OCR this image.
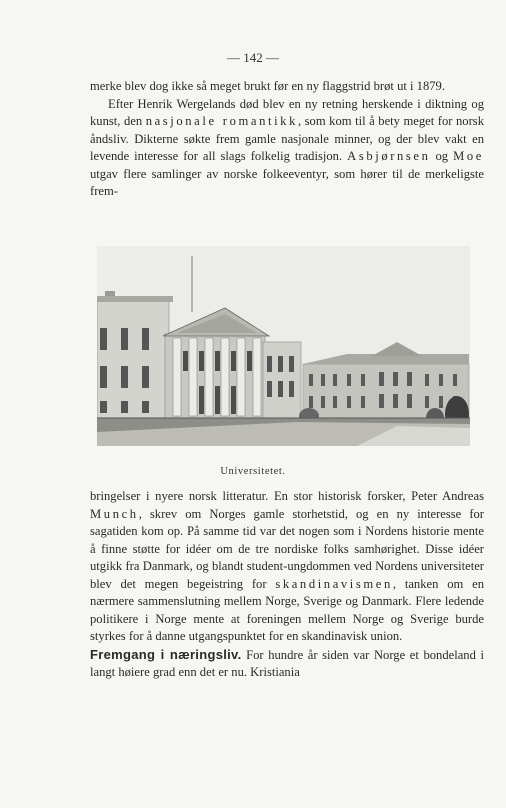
— 142 —

merke blev dog ikke så meget brukt før en ny flaggstrid brøt ut i 1879.

Efter Henrik Wergelands død blev en ny retning herskende i diktning og kunst, den nasjonale romantikk, som kom til å bety meget for norsk åndsliv. Dikterne søkte frem gamle nasjonale minner, og der blev vakt en levende interesse for all slags folkelig tradisjon. Asbjørnsen og Moe utgav flere samlinger av norske folkeeventyr, som hører til de merkeligste frem-

Universitetet.

bringelser i nyere norsk litteratur. En stor historisk forsker, Peter Andreas Munch, skrev om Norges gamle storhetstid, og en ny interesse for sagatiden kom op. På samme tid var det nogen som i Nordens historie mente å finne støtte for idéer om de tre nordiske folks samhørighet. Disse idéer utgikk fra Danmark, og blandt student-ungdommen ved Nordens universiteter blev det megen begeistring for skandinavismen, tanken om en nærmere sammenslutning mellem Norge, Sverige og Danmark. Flere ledende politikere i Norge mente at foreningen mellem Norge og Sverige burde styrkes for å danne utgangspunktet for en skandinavisk union.

Fremgang i næringsliv. For hundre år siden var Norge et bondeland i langt høiere grad enn det er nu. Kristiania
